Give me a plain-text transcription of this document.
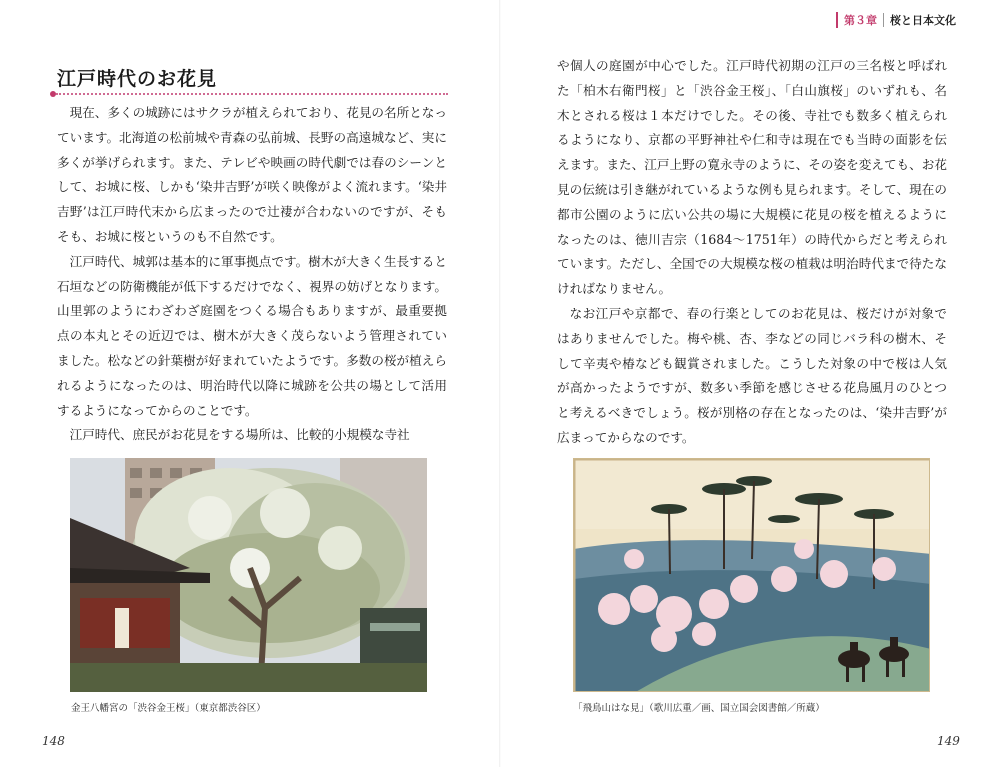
江戸時代のお花見

現在、多くの城跡にはサクラが植えられており、花見の名所となっています。北海道の松前城や青森の弘前城、長野の高遠城など、実に多くが挙げられます。また、テレビや映画の時代劇では春のシーンとして、お城に桜、しかも‘染井吉野’が咲く映像がよく流れます。‘染井吉野’は江戸時代末から広まったので辻褄が合わないのですが、そもそも、お城に桜というのも不自然です。

江戸時代、城郭は基本的に軍事拠点です。樹木が大きく生長すると石垣などの防衛機能が低下するだけでなく、視界の妨げとなります。山里郭のようにわざわざ庭園をつくる場合もありますが、最重要拠点の本丸とその近辺では、樹木が大きく茂らないよう管理されていました。松などの針葉樹が好まれていたようです。多数の桜が植えられるようになったのは、明治時代以降に城跡を公共の場として活用するようになってからのことです。

江戸時代、庶民がお花見をする場所は、比較的小規模な寺社

金王八幡宮の「渋谷金王桜」（東京都渋谷区）
148
第３章 桜と日本文化

や個人の庭園が中心でした。江戸時代初期の江戸の三名桜と呼ばれた「柏木右衛門桜」と「渋谷金王桜」、「白山旗桜」のいずれも、名木とされる桜は１本だけでした。その後、寺社でも数多く植えられるようになり、京都の平野神社や仁和寺は現在でも当時の面影を伝えます。また、江戸上野の寛永寺のように、その姿を変えても、お花見の伝統は引き継がれているような例も見られます。そして、現在の都市公園のように広い公共の場に大規模に花見の桜を植えるようになったのは、徳川吉宗（1684〜1751年）の時代からだと考えられています。ただし、全国での大規模な桜の植栽は明治時代まで待たなければなりません。

なお江戸や京都で、春の行楽としてのお花見は、桜だけが対象ではありませんでした。梅や桃、杏、李などの同じバラ科の樹木、そして辛夷や椿なども観賞されました。こうした対象の中で桜は人気が高かったようですが、数多い季節を感じさせる花鳥風月のひとつと考えるべきでしょう。桜が別格の存在となったのは、‘染井吉野’が広まってからなのです。

「飛鳥山はな見」（歌川広重／画、国立国会図書館／所蔵）
149
